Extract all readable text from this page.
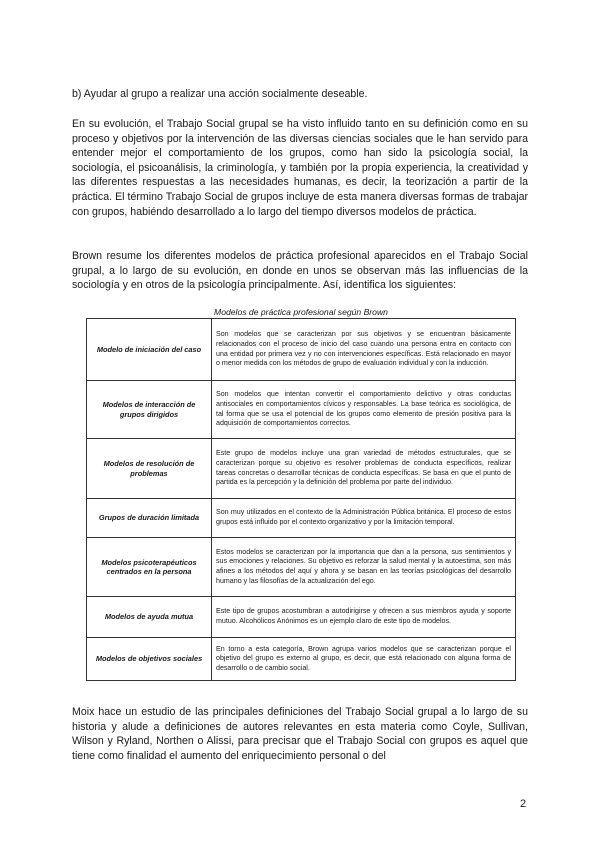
b) Ayudar al grupo a realizar una acción socialmente deseable.

En su evolución, el Trabajo Social grupal se ha visto influido tanto en su definición como en su proceso y objetivos por la intervención de las diversas ciencias sociales que le han servido para entender mejor el comportamiento de los grupos, como han sido la psicología social, la sociología, el psicoanálisis, la criminología, y también por la propia experiencia, la creatividad y las diferentes respuestas a las necesidades humanas, es decir, la teorización a partir de la práctica. El término Trabajo Social de grupos incluye de esta manera diversas formas de trabajar con grupos, habiéndo desarrollado a lo largo del tiempo diversos modelos de práctica.

Brown resume los diferentes modelos de práctica profesional aparecidos en el Trabajo Social grupal, a lo largo de su evolución, en donde en unos se observan más las influencias de la sociología y en otros de la psicología principalmente. Así, identifica los siguientes:

Modelos de práctica profesional según Brown

Modelo de iniciación del caso	Son modelos que se caracterizan por sus objetivos y se encuentran básicamente relacionados con el proceso de inicio del caso cuando una persona entra en contacto con una entidad por primera vez y no con intervenciones específicas. Está relacionado en mayor o menor medida con los métodos de grupo de evaluación individual y con la inducción.
Modelos de interacción de grupos dirigidos	Son modelos que intentan convertir el comportamiento delictivo y otras conductas antisociales en comportamientos cívicos y responsables. La base teórica es sociológica, de tal forma que se usa el potencial de los grupos como elemento de presión positiva para la adquisición de comportamientos correctos.
Modelos de resolución de problemas	Este grupo de modelos incluye una gran variedad de métodos estructurales, que se caracterizan porque su objetivo es resolver problemas de conducta específicos, realizar tareas concretas o desarrollar técnicas de conducta específicas. Se basa en que el punto de partida es la percepción y la definición del problema por parte del individuo.
Grupos de duración limitada	Son muy utilizados en el contexto de la Administración Pública británica. El proceso de estos grupos está influido por el contexto organizativo y por la limitación temporal.
Modelos psicoterapéuticos centrados en la persona	Estos modelos se caracterizan por la importancia que dan a la persona, sus sentimientos y sus emociones y relaciones. Su objetivo es reforzar la salud mental y la autoestima, son más afines a los métodos del aquí y ahora y se basan en las teorías psicológicas del desarrollo humano y las filosofías de la actualización del ego.
Modelos de ayuda mutua	Este tipo de grupos acostumbran a autodirigirse y ofrecen a sus miembros ayuda y soporte mutuo. Alcohólicos Anónimos es un ejemplo claro de este tipo de modelos.
Modelos de objetivos sociales	En torno a esta categoría, Brown agrupa varios modelos que se caracterizan porque el objetivo del grupo es externo al grupo, es decir, que está relacionado con alguna forma de desarrollo o de cambio social.

Moix hace un estudio de las principales definiciones del Trabajo Social grupal a lo largo de su historia y alude a definiciones de autores relevantes en esta materia como Coyle, Sullivan, Wilson y Ryland, Northen o Alissi, para precisar que el Trabajo Social con grupos es aquel que tiene como finalidad el aumento del enriquecimiento personal o del

2
